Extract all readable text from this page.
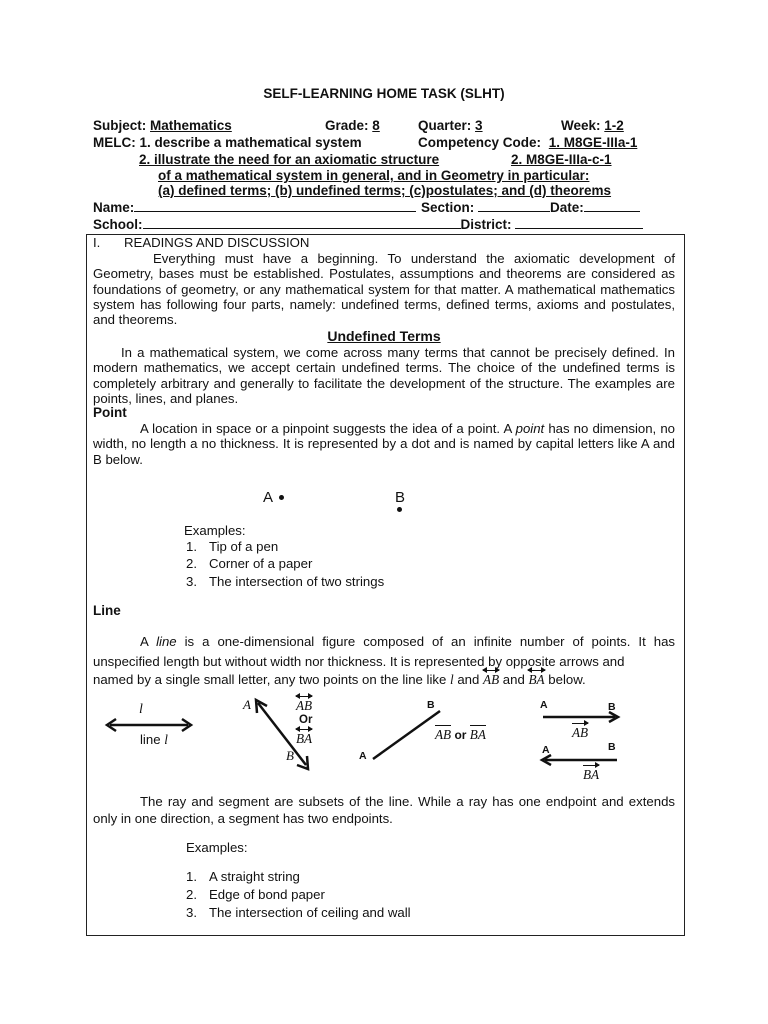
SELF-LEARNING HOME TASK (SLHT)
Subject: Mathematics	Grade: 8	Quarter: 3	Week: 1-2
MELC: 1. describe a mathematical system	Competency Code: 1. M8GE-IIIa-1
2. illustrate the need for an axiomatic structure	2. M8GE-IIIa-c-1
of a mathematical system in general, and in Geometry in particular:
(a) defined terms; (b) undefined terms; (c)postulates; and (d) theorems
Name:	Section:	Date:
School:	District:
I. READINGS AND DISCUSSION

Everything must have a beginning. To understand the axiomatic development of Geometry, bases must be established. Postulates, assumptions and theorems are considered as foundations of geometry, or any mathematical system for that matter. A mathematical mathematics system has following four parts, namely: undefined terms, defined terms, axioms and postulates, and theorems.

Undefined Terms

In a mathematical system, we come across many terms that cannot be precisely defined. In modern mathematics, we accept certain undefined terms. The choice of the undefined terms is completely arbitrary and generally to facilitate the development of the structure. The examples are points, lines, and planes.

Point

A location in space or a pinpoint suggests the idea of a point. A point has no dimension, no width, no length a no thickness. It is represented by a dot and is named by capital letters like A and B below.

A	B
Examples:
1. Tip of a pen
2. Corner of a paper
3. The intersection of two strings
Line

A line is a one-dimensional figure composed of an infinite number of points. It has unspecified length but without width nor thickness. It is represented by opposite arrows and

named by a single small letter, any two points on the line like l and
AB and
BA below.
l
line l
A	AB
Or
BA
B
B
A
AB or BA
A	B
AB
A	B
BA

The ray and segment are subsets of the line. While a ray has one endpoint and extends only in one direction, a segment has two endpoints.

Examples:
1. A straight string
2. Edge of bond paper
3. The intersection of ceiling and wall
